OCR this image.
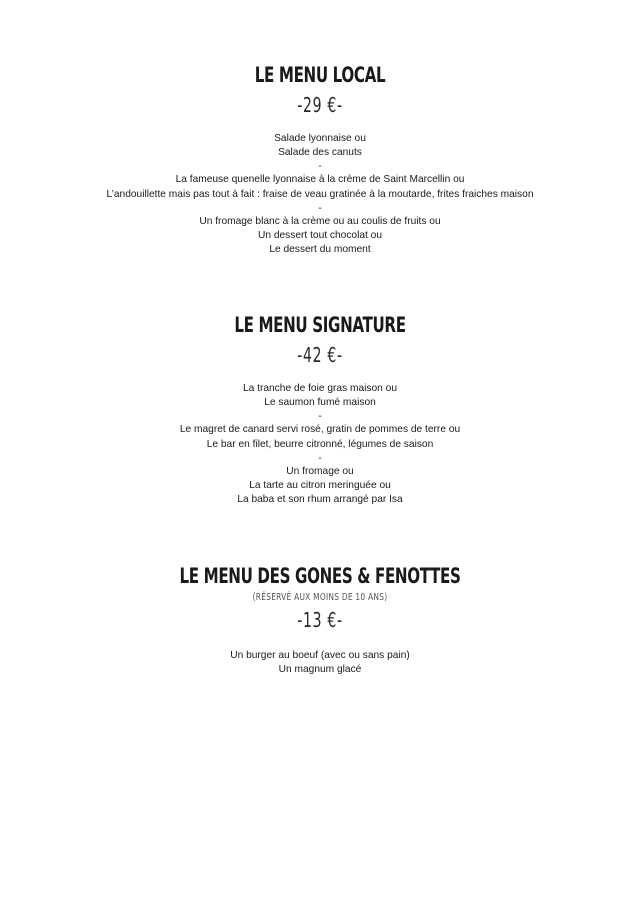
LE MENU LOCAL
-29 €-
Salade lyonnaise ou
Salade des canuts
-
La fameuse quenelle lyonnaise à la crème de Saint Marcellin ou
L’andouillette mais pas tout à fait : fraise de veau gratinée à la moutarde, frites fraiches maison
-
Un fromage blanc à la crème ou au coulis de fruits ou
Un dessert tout chocolat ou
Le dessert du moment
LE MENU SIGNATURE
-42 €-
La tranche de foie gras maison ou
Le saumon fumé maison
-
Le magret de canard servi rosé, gratin de pommes de terre ou
Le bar en filet, beurre citronné, légumes de saison
-
Un fromage ou
La tarte au citron meringuée ou
La baba et son rhum arrangé par Isa
LE MENU DES GONES & FENOTTES
(RÉSERVÉ AUX MOINS DE 10 ANS)
-13 €-
Un burger au boeuf (avec ou sans pain)
Un magnum glacé
